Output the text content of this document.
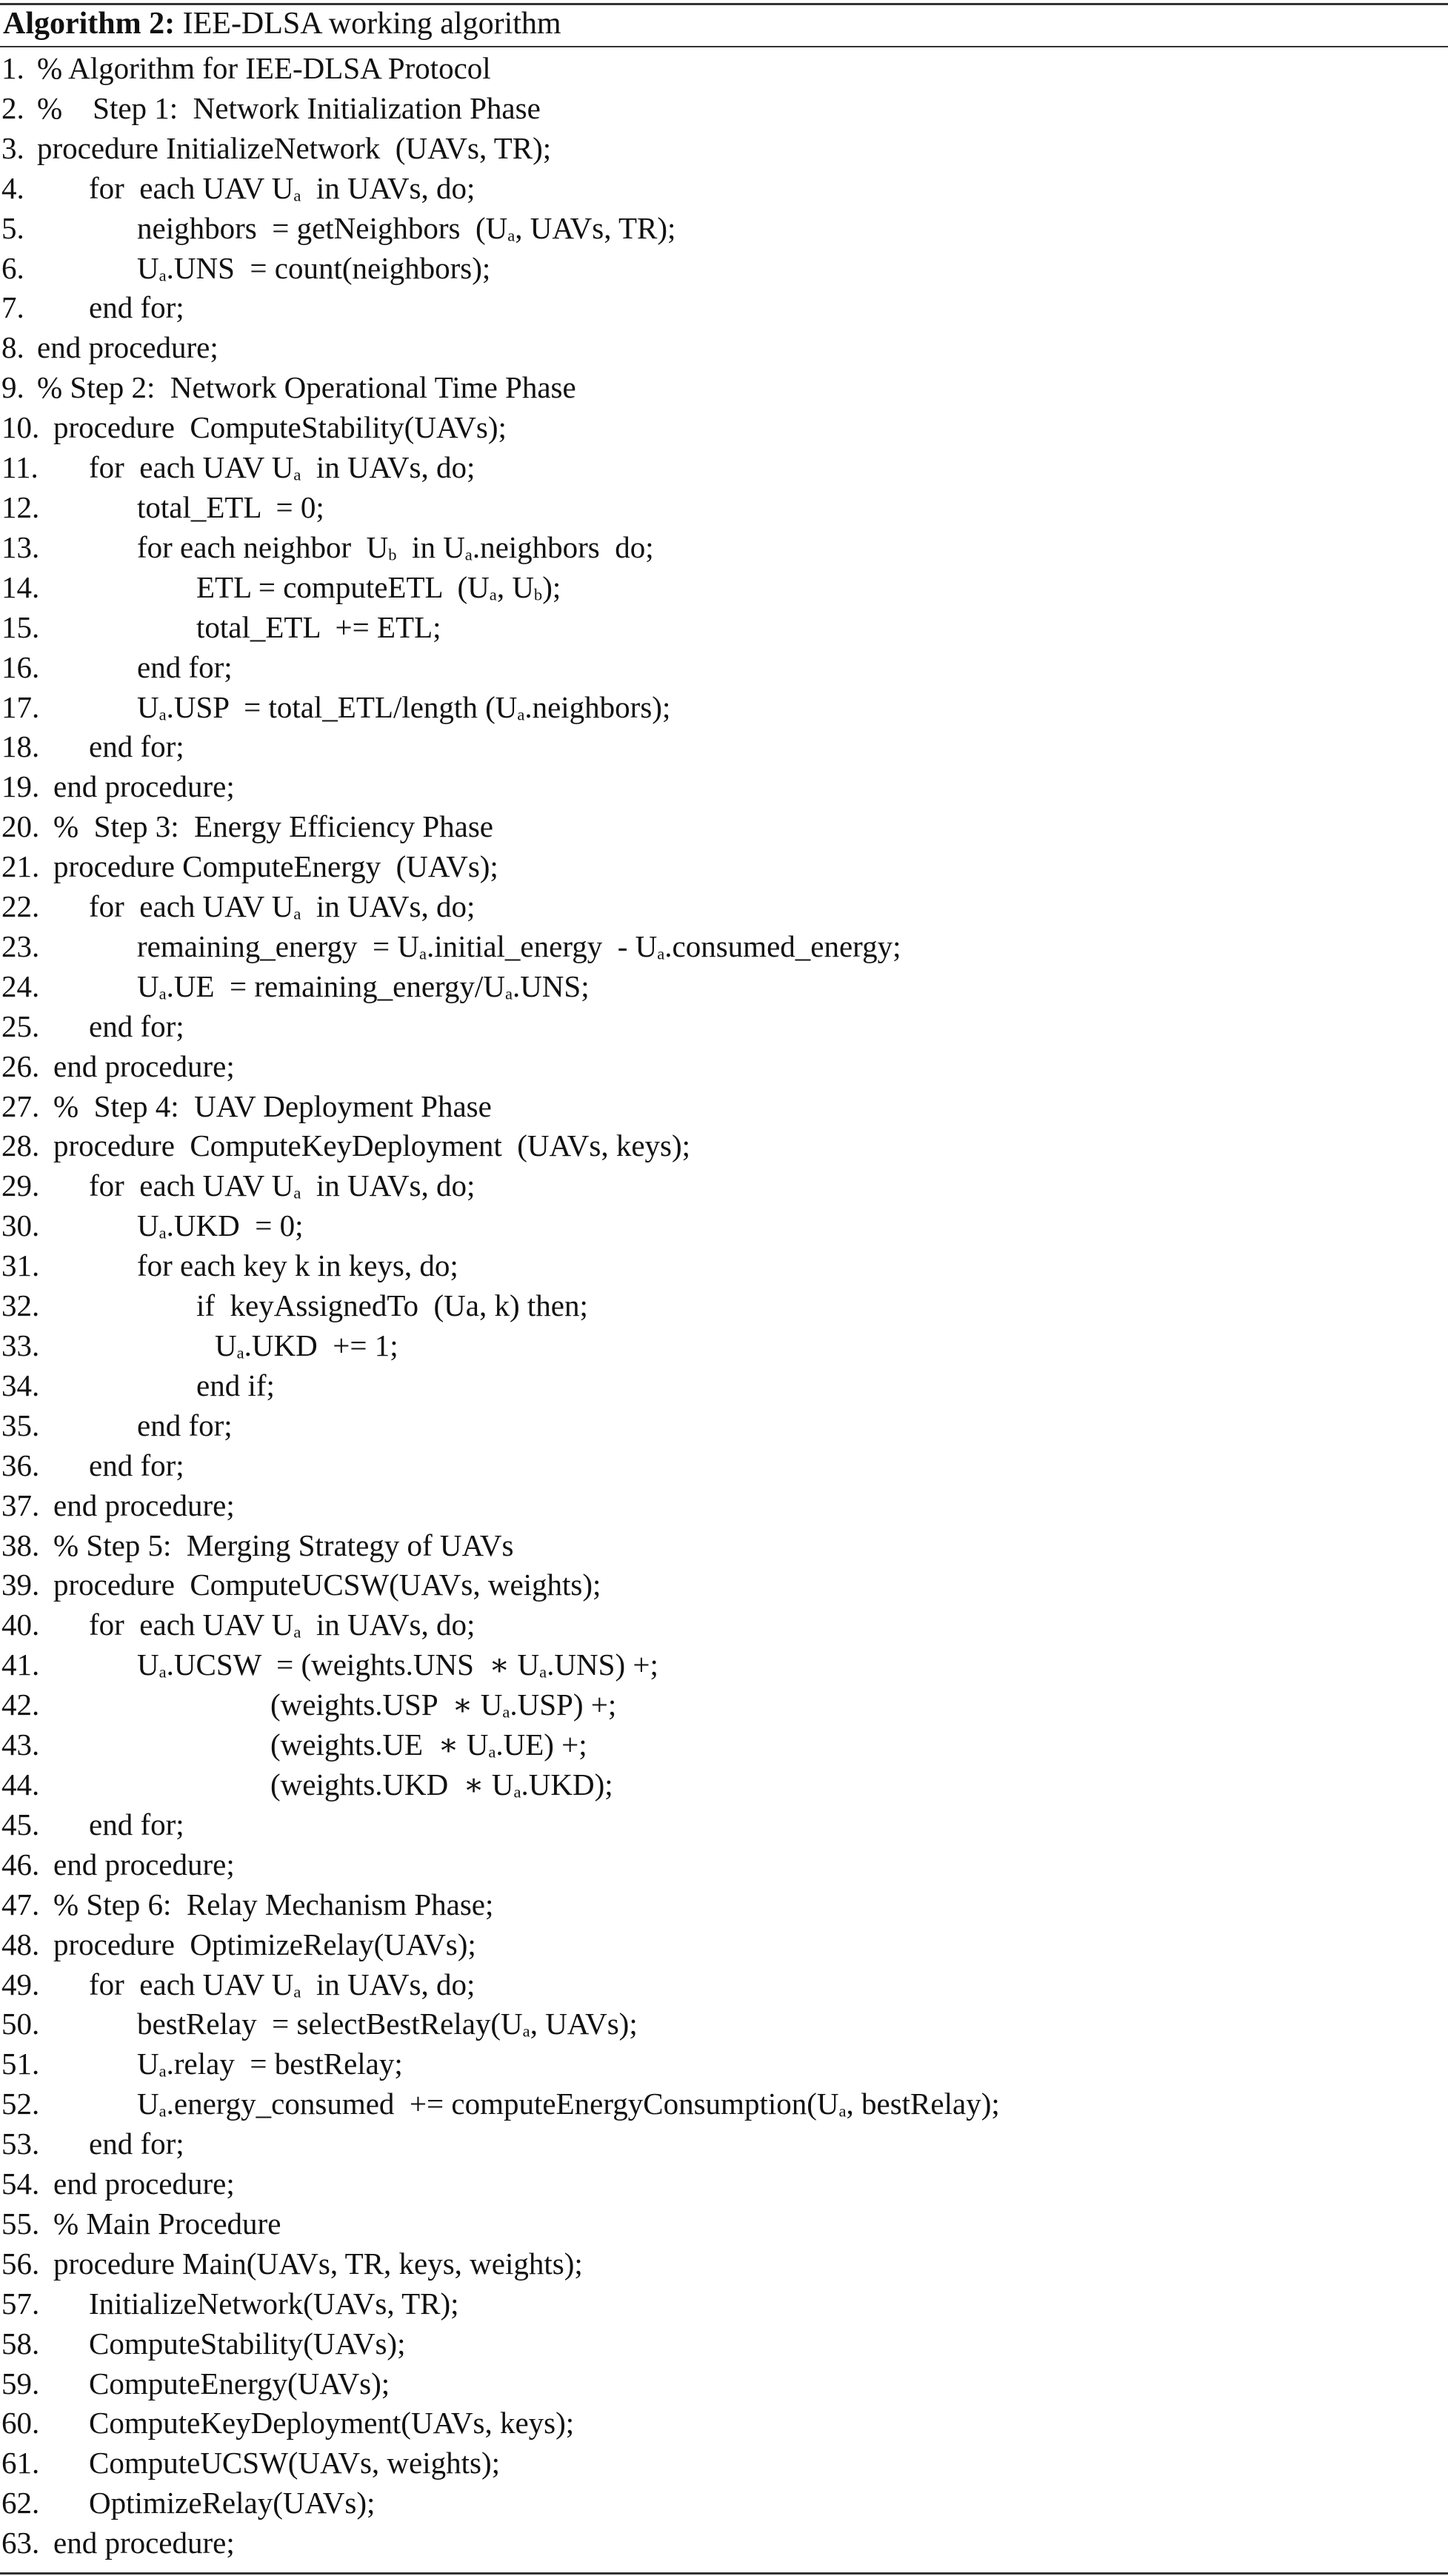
Algorithm 2: IEE-DLSA working algorithm
1. % Algorithm for IEE-DLSA Protocol
2. %    Step 1:  Network Initialization Phase
3. procedure InitializeNetwork  (UAVs, TR);
4. for  each UAV $U_a$  in UAVs, do;
5.	neighbors  = getNeighbors  ($U_a$, UAVs, TR);
6.	$U_a.UNS$  = count(neighbors);
7. end for;
8. end procedure;
9. % Step 2:  Network Operational Time Phase
10. procedure  ComputeStability(UAVs);
11. for  each UAV $U_a$  in UAVs, do;
12.	total_ETL  = 0;
13.	for each neighbor  $U_b$  in $U_a.neighbors$  do;
14.	ETL = computeETL  ($U_a$, $U_b$);
15.	total_ETL  += ETL;
16.	end for;
17.	$U_a.USP$  = total_ETL/length $(U_a.neighbors)$;
18. end for;
19. end procedure;
20. %  Step 3:  Energy Efficiency Phase
21. procedure ComputeEnergy  (UAVs);
22. for  each UAV $U_a$  in UAVs, do;
23.	remaining_energy  = $U_a.initial\_energy$  - $U_a.consumed\_energy$;
24.	$U_a.UE$  = $remaining\_energy/U_a.UNS$;
25. end for;
26. end procedure;
27. %  Step 4:  UAV Deployment Phase
28. procedure  ComputeKeyDeployment  (UAVs, keys);
29. for  each UAV $U_a$  in UAVs, do;
30.	$U_a.UKD = 0$;
31.	for each key k in keys, do;
32.	if  keyAssignedTo  (Ua, k) then;
33.	$U_a.UKD += 1$;
34.	end if;
35.	end for;
36. end for;
37. end procedure;
38. % Step 5:  Merging Strategy of UAVs
39. procedure  ComputeUCSW(UAVs, weights);
40. for  each UAV $U_a$  in UAVs, do;
41.	$U_a.UCSW$  = (weights.UNS  ∗ $U_a.UNS$) +;
42.	(weights.USP  ∗ $U_a.USP$) +;
43.	(weights.UE  ∗ $U_a.UE$) +;
44.	(weights.UKD  ∗ $U_a.UKD$);
45. end for;
46. end procedure;
47. % Step 6:  Relay Mechanism Phase;
48. procedure  OptimizeRelay(UAVs);
49. for  each UAV $U_a$  in UAVs, do;
50.	bestRelay  = $selectBestRelay(U_a$, UAVs);
51.	$U_a.relay$  = bestRelay;
52.	$U_a.energy\_consumed$  += $computeEnergyConsumption(U_a$, bestRelay);
53. end for;
54. end procedure;
55. % Main Procedure
56. procedure Main(UAVs, TR, keys, weights);
57. InitializeNetwork(UAVs, TR);
58. ComputeStability(UAVs);
59. ComputeEnergy(UAVs);
60. ComputeKeyDeployment(UAVs, keys);
61. ComputeUCSW(UAVs, weights);
62. OptimizeRelay(UAVs);
63. end procedure;
